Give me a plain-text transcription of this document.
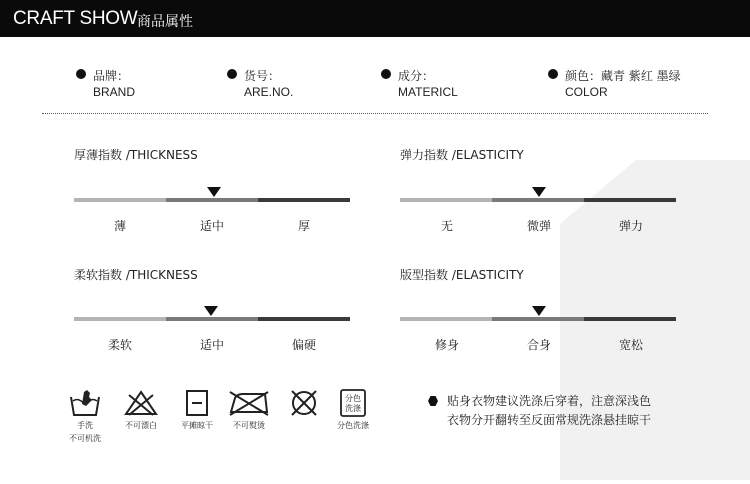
CRAFT SHOW 商品属性
品牌：
BRAND
货号：
ARE.NO.
成分：
MATERICL
颜色：藏青 紫红 墨绿
COLOR
厚薄指数 /THICKNESS
薄	适中	厚
弹力指数 /ELASTICITY
无	微弹	弹力
柔软指数 /THICKNESS
柔软	适中	偏硬
版型指数 /ELASTICITY
修身	合身	宽松
手洗
不可机洗
不可漂白	平摊晾干	不可熨烫
分色
洗涤
分色洗涤
贴身衣物建议洗涤后穿着，注意深浅色
衣物分开翻转至反面常规洗涤悬挂晾干
